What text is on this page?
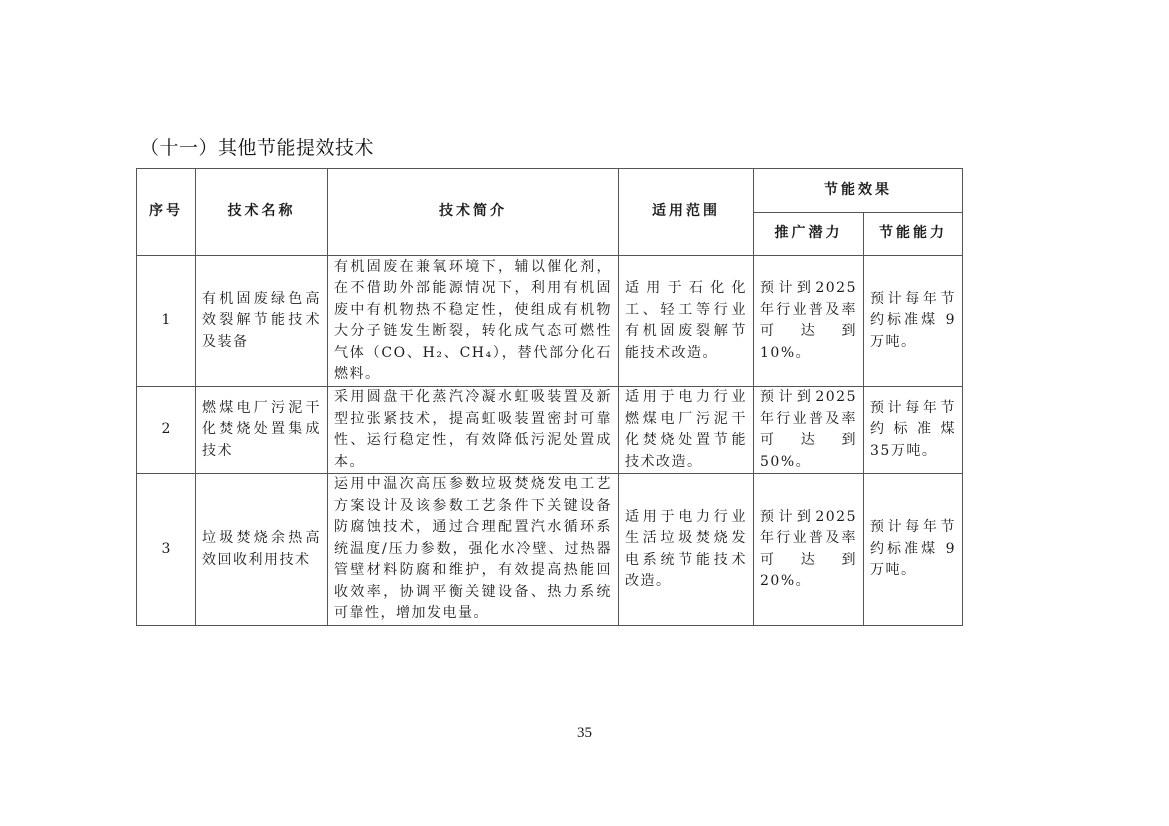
（十一）其他节能提效技术
序号	技术名称	技术简介	适用范围	节能效果	
				推广潜力	节能能力
1	有机固废绿色高效裂解节能技术及装备	有机固废在兼氧环境下，辅以催化剂，在不借助外部能源情况下，利用有机固废中有机物热不稳定性，使组成有机物大分子链发生断裂，转化成气态可燃性气体（CO、H₂、CH₄），替代部分化石燃料。	适用于石化化工、轻工等行业有机固废裂解节能技术改造。	预计到2025年行业普及率可达到10%。	预计每年节约标准煤 9万吨。
2	燃煤电厂污泥干化焚烧处置集成技术	采用圆盘干化蒸汽冷凝水虹吸装置及新型拉张紧技术，提高虹吸装置密封可靠性、运行稳定性，有效降低污泥处置成本。	适用于电力行业燃煤电厂污泥干化焚烧处置节能技术改造。	预计到2025年行业普及率可达到50%。	预计每年节约标准煤 35万吨。
3	垃圾焚烧余热高效回收利用技术	运用中温次高压参数垃圾焚烧发电工艺方案设计及该参数工艺条件下关键设备防腐蚀技术，通过合理配置汽水循环系统温度/压力参数，强化水冷壁、过热器管壁材料防腐和维护，有效提高热能回收效率，协调平衡关键设备、热力系统可靠性，增加发电量。	适用于电力行业生活垃圾焚烧发电系统节能技术改造。	预计到2025年行业普及率可达到20%。	预计每年节约标准煤 9万吨。
35
